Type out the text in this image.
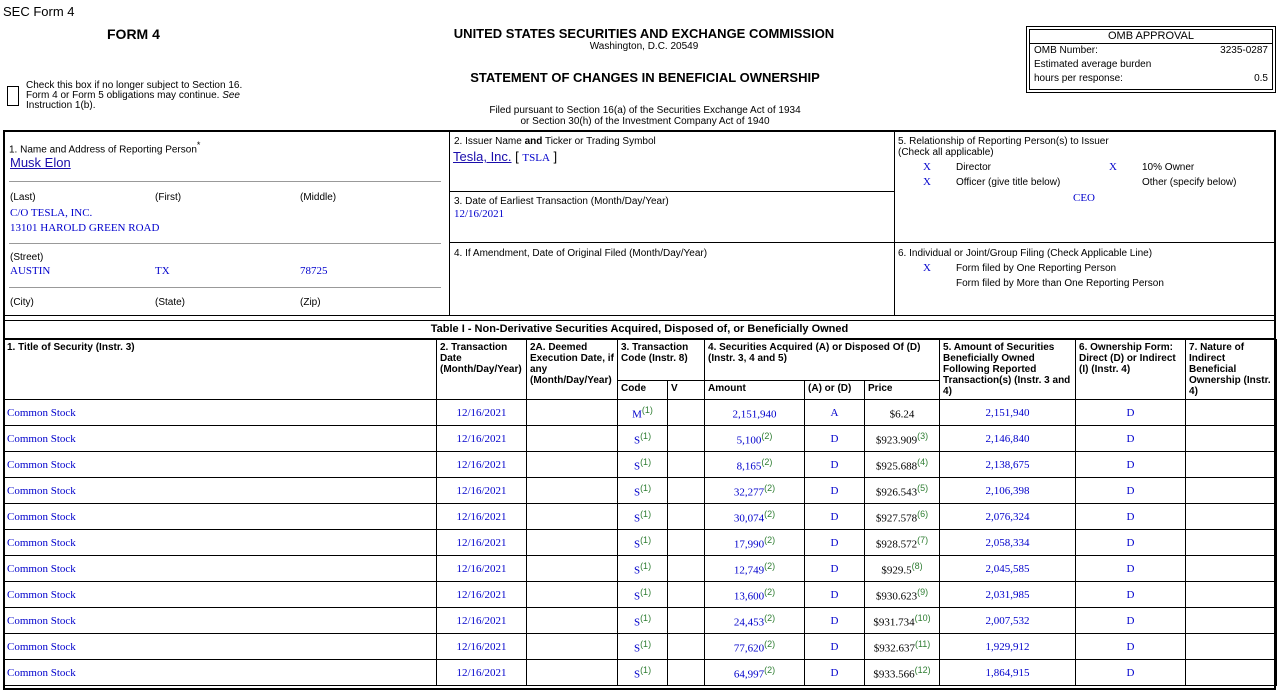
SEC Form 4
FORM 4	UNITED STATES SECURITIES AND EXCHANGE COMMISSION
Washington, D.C. 20549
STATEMENT OF CHANGES IN BENEFICIAL OWNERSHIP
Filed pursuant to Section 16(a) of the Securities Exchange Act of 1934
or Section 30(h) of the Investment Company Act of 1940
Check this box if no longer subject to Section 16.
Form 4 or Form 5 obligations may continue. See
Instruction 1(b).
OMB APPROVAL
OMB Number:	3235-0287
Estimated average burden
hours per response:	0.5
1. Name and Address of Reporting Person*
Musk Elon
(Last)	(First)	(Middle)
C/O TESLA, INC.
13101 HAROLD GREEN ROAD
(Street)
AUSTIN	TX	78725
(City)	(State)	(Zip)
2. Issuer Name and Ticker or Trading Symbol
Tesla, Inc. [ TSLA ]
3. Date of Earliest Transaction (Month/Day/Year)
12/16/2021
4. If Amendment, Date of Original Filed (Month/Day/Year)
5. Relationship of Reporting Person(s) to Issuer
(Check all applicable)
X	Director	X	10% Owner
X	Officer (give title below)	Other (specify below)
CEO
6. Individual or Joint/Group Filing (Check Applicable Line)
X	Form filed by One Reporting Person
Form filed by More than One Reporting Person
Table I - Non-Derivative Securities Acquired, Disposed of, or Beneficially Owned
1. Title of Security (Instr. 3)	2. Transaction Date (Month/Day/Year)	2A. Deemed Execution Date, if any (Month/Day/Year)	3. Transaction Code (Instr. 8)		4. Securities Acquired (A) or Disposed Of (D) (Instr. 3, 4 and 5)			5. Amount of Securities Beneficially Owned Following Reported Transaction(s) (Instr. 3 and 4)	6. Ownership Form: Direct (D) or Indirect (I) (Instr. 4)	7. Nature of Indirect Beneficial Ownership (Instr. 4)
			Code	V	Amount	(A) or (D)	Price			
Common Stock	12/16/2021		$M^{(1)}$		2,151,940	A	$6.24	2,151,940	D	
Common Stock	12/16/2021		$S^{(1)}$		5,100$^{(2)}$	D	$923.909$^{(3)}$	2,146,840	D	
Common Stock	12/16/2021		$S^{(1)}$		8,165$^{(2)}$	D	$925.688$^{(4)}$	2,138,675	D	
Common Stock	12/16/2021		$S^{(1)}$		32,277$^{(2)}$	D	$926.543$^{(5)}$	2,106,398	D	
Common Stock	12/16/2021		$S^{(1)}$		30,074$^{(2)}$	D	$927.578$^{(6)}$	2,076,324	D	
Common Stock	12/16/2021		$S^{(1)}$		17,990$^{(2)}$	D	$928.572$^{(7)}$	2,058,334	D	
Common Stock	12/16/2021		$S^{(1)}$		12,749$^{(2)}$	D	$929.5$^{(8)}$	2,045,585	D	
Common Stock	12/16/2021		$S^{(1)}$		13,600$^{(2)}$	D	$930.623$^{(9)}$	2,031,985	D	
Common Stock	12/16/2021		$S^{(1)}$		24,453$^{(2)}$	D	$931.734$^{(10)}$	2,007,532	D	
Common Stock	12/16/2021		$S^{(1)}$		77,620$^{(2)}$	D	$932.637$^{(11)}$	1,929,912	D	
Common Stock	12/16/2021		$S^{(1)}$		64,997$^{(2)}$	D	$933.566$^{(12)}$	1,864,915	D	
